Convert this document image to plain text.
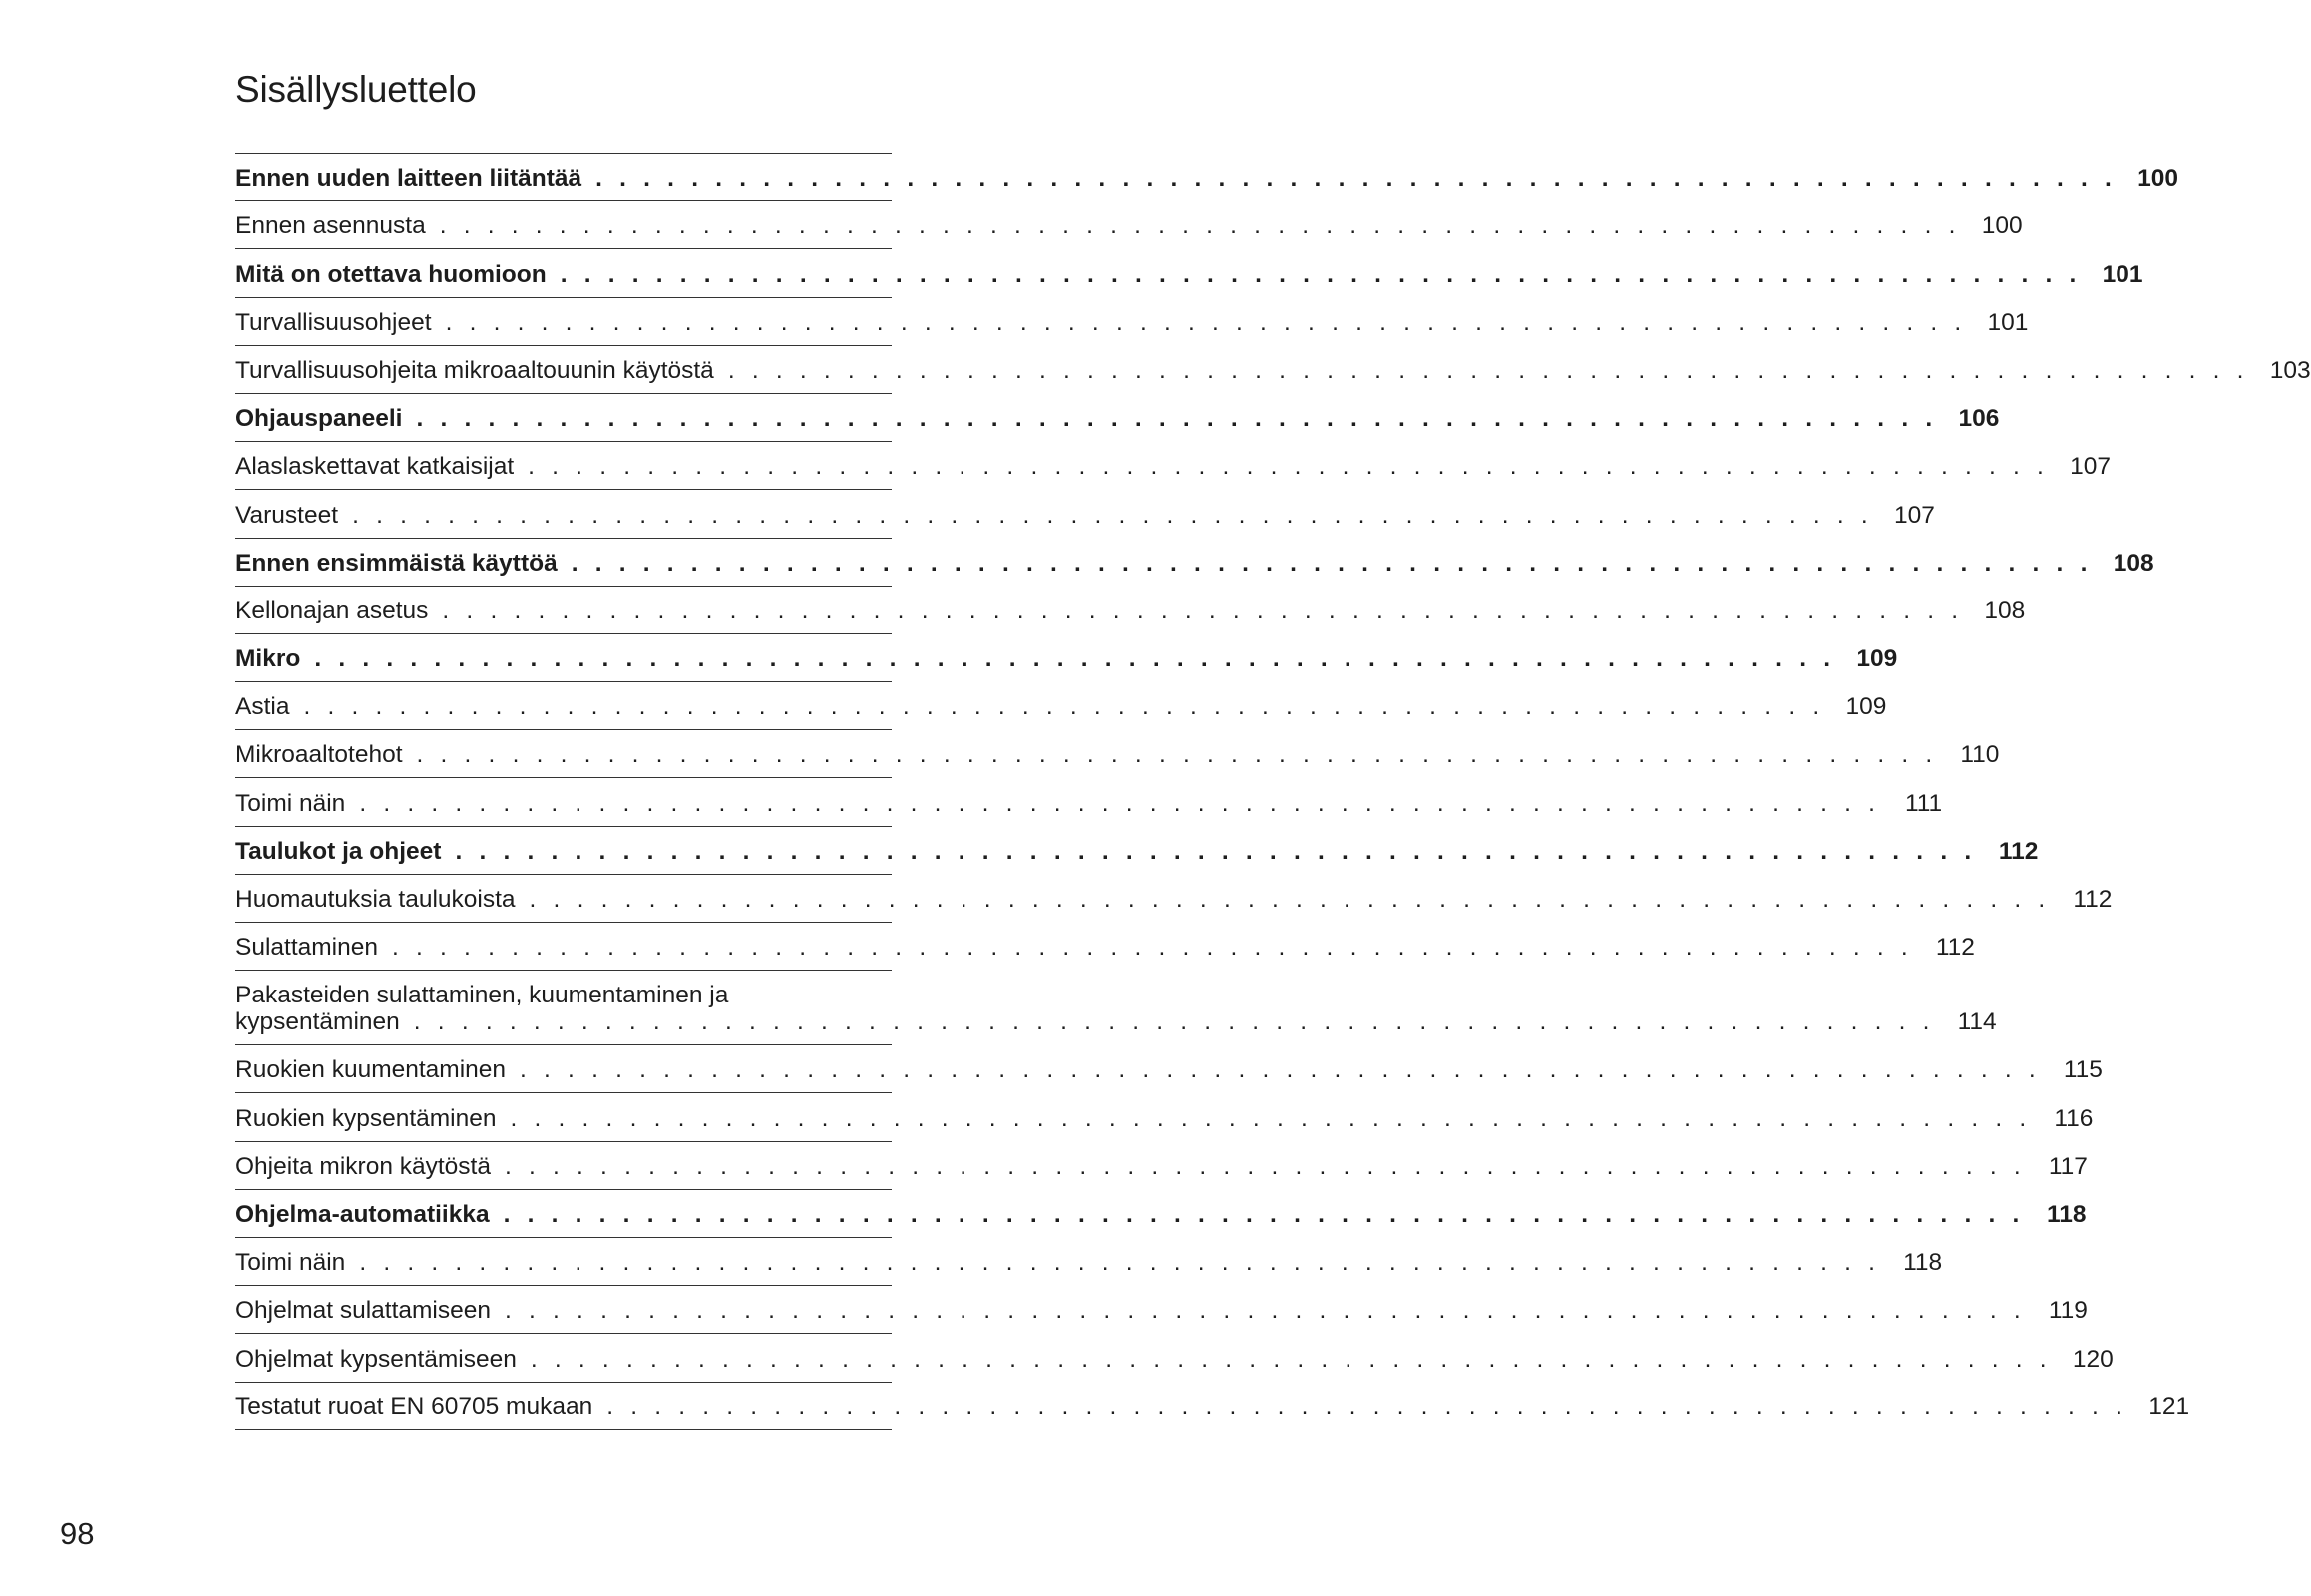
Sisällysluettelo
Ennen uuden laitteen liitäntää . . . . . . . . . . . . . . . . . . . . . . . . . . . . . . . . . . . . . . . . . . . . . . . . . . . . . . . . . . . . . . . . 100
Ennen asennusta . . . . . . . . . . . . . . . . . . . . . . . . . . . . . . . . . . . . . . . . . . . . . . . . . . . . . . . . . . . . . . . . 100
Mitä on otettava huomioon . . . . . . . . . . . . . . . . . . . . . . . . . . . . . . . . . . . . . . . . . . . . . . . . . . . . . . . . . . . . . . . . 101
Turvallisuusohjeet . . . . . . . . . . . . . . . . . . . . . . . . . . . . . . . . . . . . . . . . . . . . . . . . . . . . . . . . . . . . . . . . 101
Turvallisuusohjeita mikroaaltouunin käytöstä . . . . . . . . . . . . . . . . . . . . . . . . . . . . . . . . . . . . . . . . . . . . . . . . . . . . . . . . . . . . . . . . 103
Ohjauspaneeli . . . . . . . . . . . . . . . . . . . . . . . . . . . . . . . . . . . . . . . . . . . . . . . . . . . . . . . . . . . . . . . . 106
Alaslaskettavat katkaisijat . . . . . . . . . . . . . . . . . . . . . . . . . . . . . . . . . . . . . . . . . . . . . . . . . . . . . . . . . . . . . . . . 107
Varusteet . . . . . . . . . . . . . . . . . . . . . . . . . . . . . . . . . . . . . . . . . . . . . . . . . . . . . . . . . . . . . . . . 107
Ennen ensimmäistä käyttöä . . . . . . . . . . . . . . . . . . . . . . . . . . . . . . . . . . . . . . . . . . . . . . . . . . . . . . . . . . . . . . . . 108
Kellonajan asetus . . . . . . . . . . . . . . . . . . . . . . . . . . . . . . . . . . . . . . . . . . . . . . . . . . . . . . . . . . . . . . . . 108
Mikro . . . . . . . . . . . . . . . . . . . . . . . . . . . . . . . . . . . . . . . . . . . . . . . . . . . . . . . . . . . . . . . . 109
Astia . . . . . . . . . . . . . . . . . . . . . . . . . . . . . . . . . . . . . . . . . . . . . . . . . . . . . . . . . . . . . . . . 109
Mikroaaltotehot . . . . . . . . . . . . . . . . . . . . . . . . . . . . . . . . . . . . . . . . . . . . . . . . . . . . . . . . . . . . . . . . 110
Toimi näin . . . . . . . . . . . . . . . . . . . . . . . . . . . . . . . . . . . . . . . . . . . . . . . . . . . . . . . . . . . . . . . . 111
Taulukot ja ohjeet . . . . . . . . . . . . . . . . . . . . . . . . . . . . . . . . . . . . . . . . . . . . . . . . . . . . . . . . . . . . . . . . 112
Huomautuksia taulukoista . . . . . . . . . . . . . . . . . . . . . . . . . . . . . . . . . . . . . . . . . . . . . . . . . . . . . . . . . . . . . . . . 112
Sulattaminen . . . . . . . . . . . . . . . . . . . . . . . . . . . . . . . . . . . . . . . . . . . . . . . . . . . . . . . . . . . . . . . . 112
Pakasteiden sulattaminen, kuumentaminen ja
kypsentäminen . . . . . . . . . . . . . . . . . . . . . . . . . . . . . . . . . . . . . . . . . . . . . . . . . . . . . . . . . . . . . . . . 114
Ruokien kuumentaminen . . . . . . . . . . . . . . . . . . . . . . . . . . . . . . . . . . . . . . . . . . . . . . . . . . . . . . . . . . . . . . . . 115
Ruokien kypsentäminen . . . . . . . . . . . . . . . . . . . . . . . . . . . . . . . . . . . . . . . . . . . . . . . . . . . . . . . . . . . . . . . . 116
Ohjeita mikron käytöstä . . . . . . . . . . . . . . . . . . . . . . . . . . . . . . . . . . . . . . . . . . . . . . . . . . . . . . . . . . . . . . . . 117
Ohjelma-automatiikka . . . . . . . . . . . . . . . . . . . . . . . . . . . . . . . . . . . . . . . . . . . . . . . . . . . . . . . . . . . . . . . . 118
Toimi näin . . . . . . . . . . . . . . . . . . . . . . . . . . . . . . . . . . . . . . . . . . . . . . . . . . . . . . . . . . . . . . . . 118
Ohjelmat sulattamiseen . . . . . . . . . . . . . . . . . . . . . . . . . . . . . . . . . . . . . . . . . . . . . . . . . . . . . . . . . . . . . . . . 119
Ohjelmat kypsentämiseen . . . . . . . . . . . . . . . . . . . . . . . . . . . . . . . . . . . . . . . . . . . . . . . . . . . . . . . . . . . . . . . . 120
Testatut ruoat EN 60705 mukaan . . . . . . . . . . . . . . . . . . . . . . . . . . . . . . . . . . . . . . . . . . . . . . . . . . . . . . . . . . . . . . . . 121
98
